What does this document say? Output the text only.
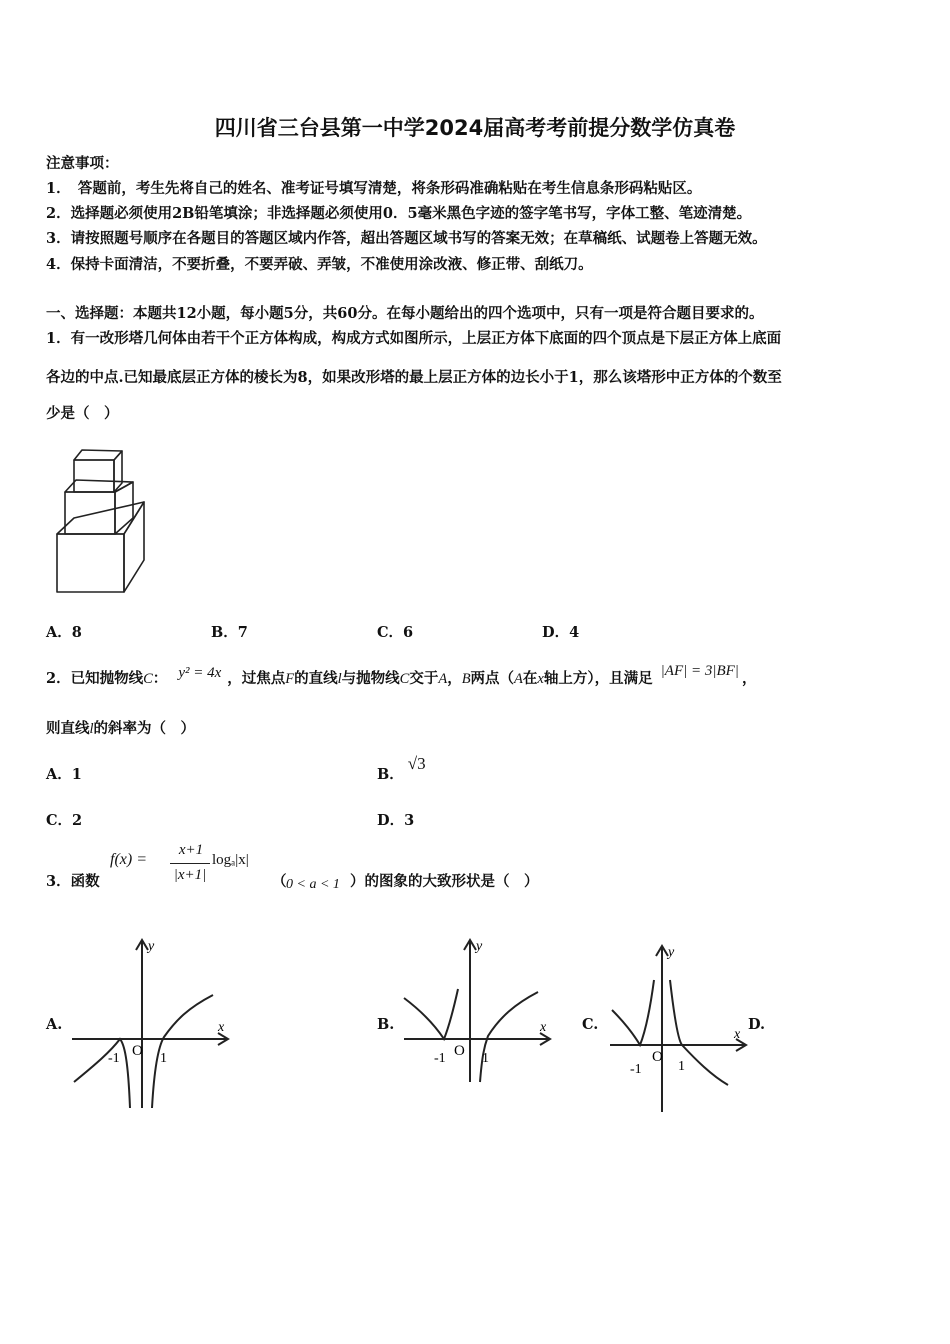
四川省三台县第一中学2024届高考考前提分数学仿真卷
注意事项：
1．　答题前，考生先将自己的姓名、准考证号填写清楚，将条形码准确粘贴在考生信息条形码粘贴区。
2．选择题必须使用2B铅笔填涂；非选择题必须使用0．5毫米黑色字迹的签字笔书写，字体工整、笔迹清楚。
3．请按照题号顺序在各题目的答题区域内作答，超出答题区域书写的答案无效；在草稿纸、试题卷上答题无效。
4．保持卡面清洁，不要折叠，不要弄破、弄皱，不准使用涂改液、修正带、刮纸刀。
一、选择题：本题共12小题，每小题5分，共60分。在每小题给出的四个选项中，只有一项是符合题目要求的。
1．有一改形塔几何体由若干个正方体构成，构成方式如图所示，上层正方体下底面的四个顶点是下层正方体上底面
各边的中点.已知最底层正方体的棱长为8，如果改形塔的最上层正方体的边长小于1，那么该塔形中正方体的个数至
少是（　）
A．8	B．7	C．6	D．4
2．已知抛物线C： y² = 4x ，过焦点F的直线l与抛物线C交于A，B两点（A在x轴上方），且满足 |AF| = 3|BF| ，
则直线l的斜率为（　）
A．1	B．√3
C．2	D．3
3．函数
f(x) =
x+1
|x+1|
logₐ|x|
（ 0 < a < 1 ）的图象的大致形状是（　）
A.	B.	C.	D.
y
x
-1 O 1
y
x
-1 O 1
y
x
-1
O
1
